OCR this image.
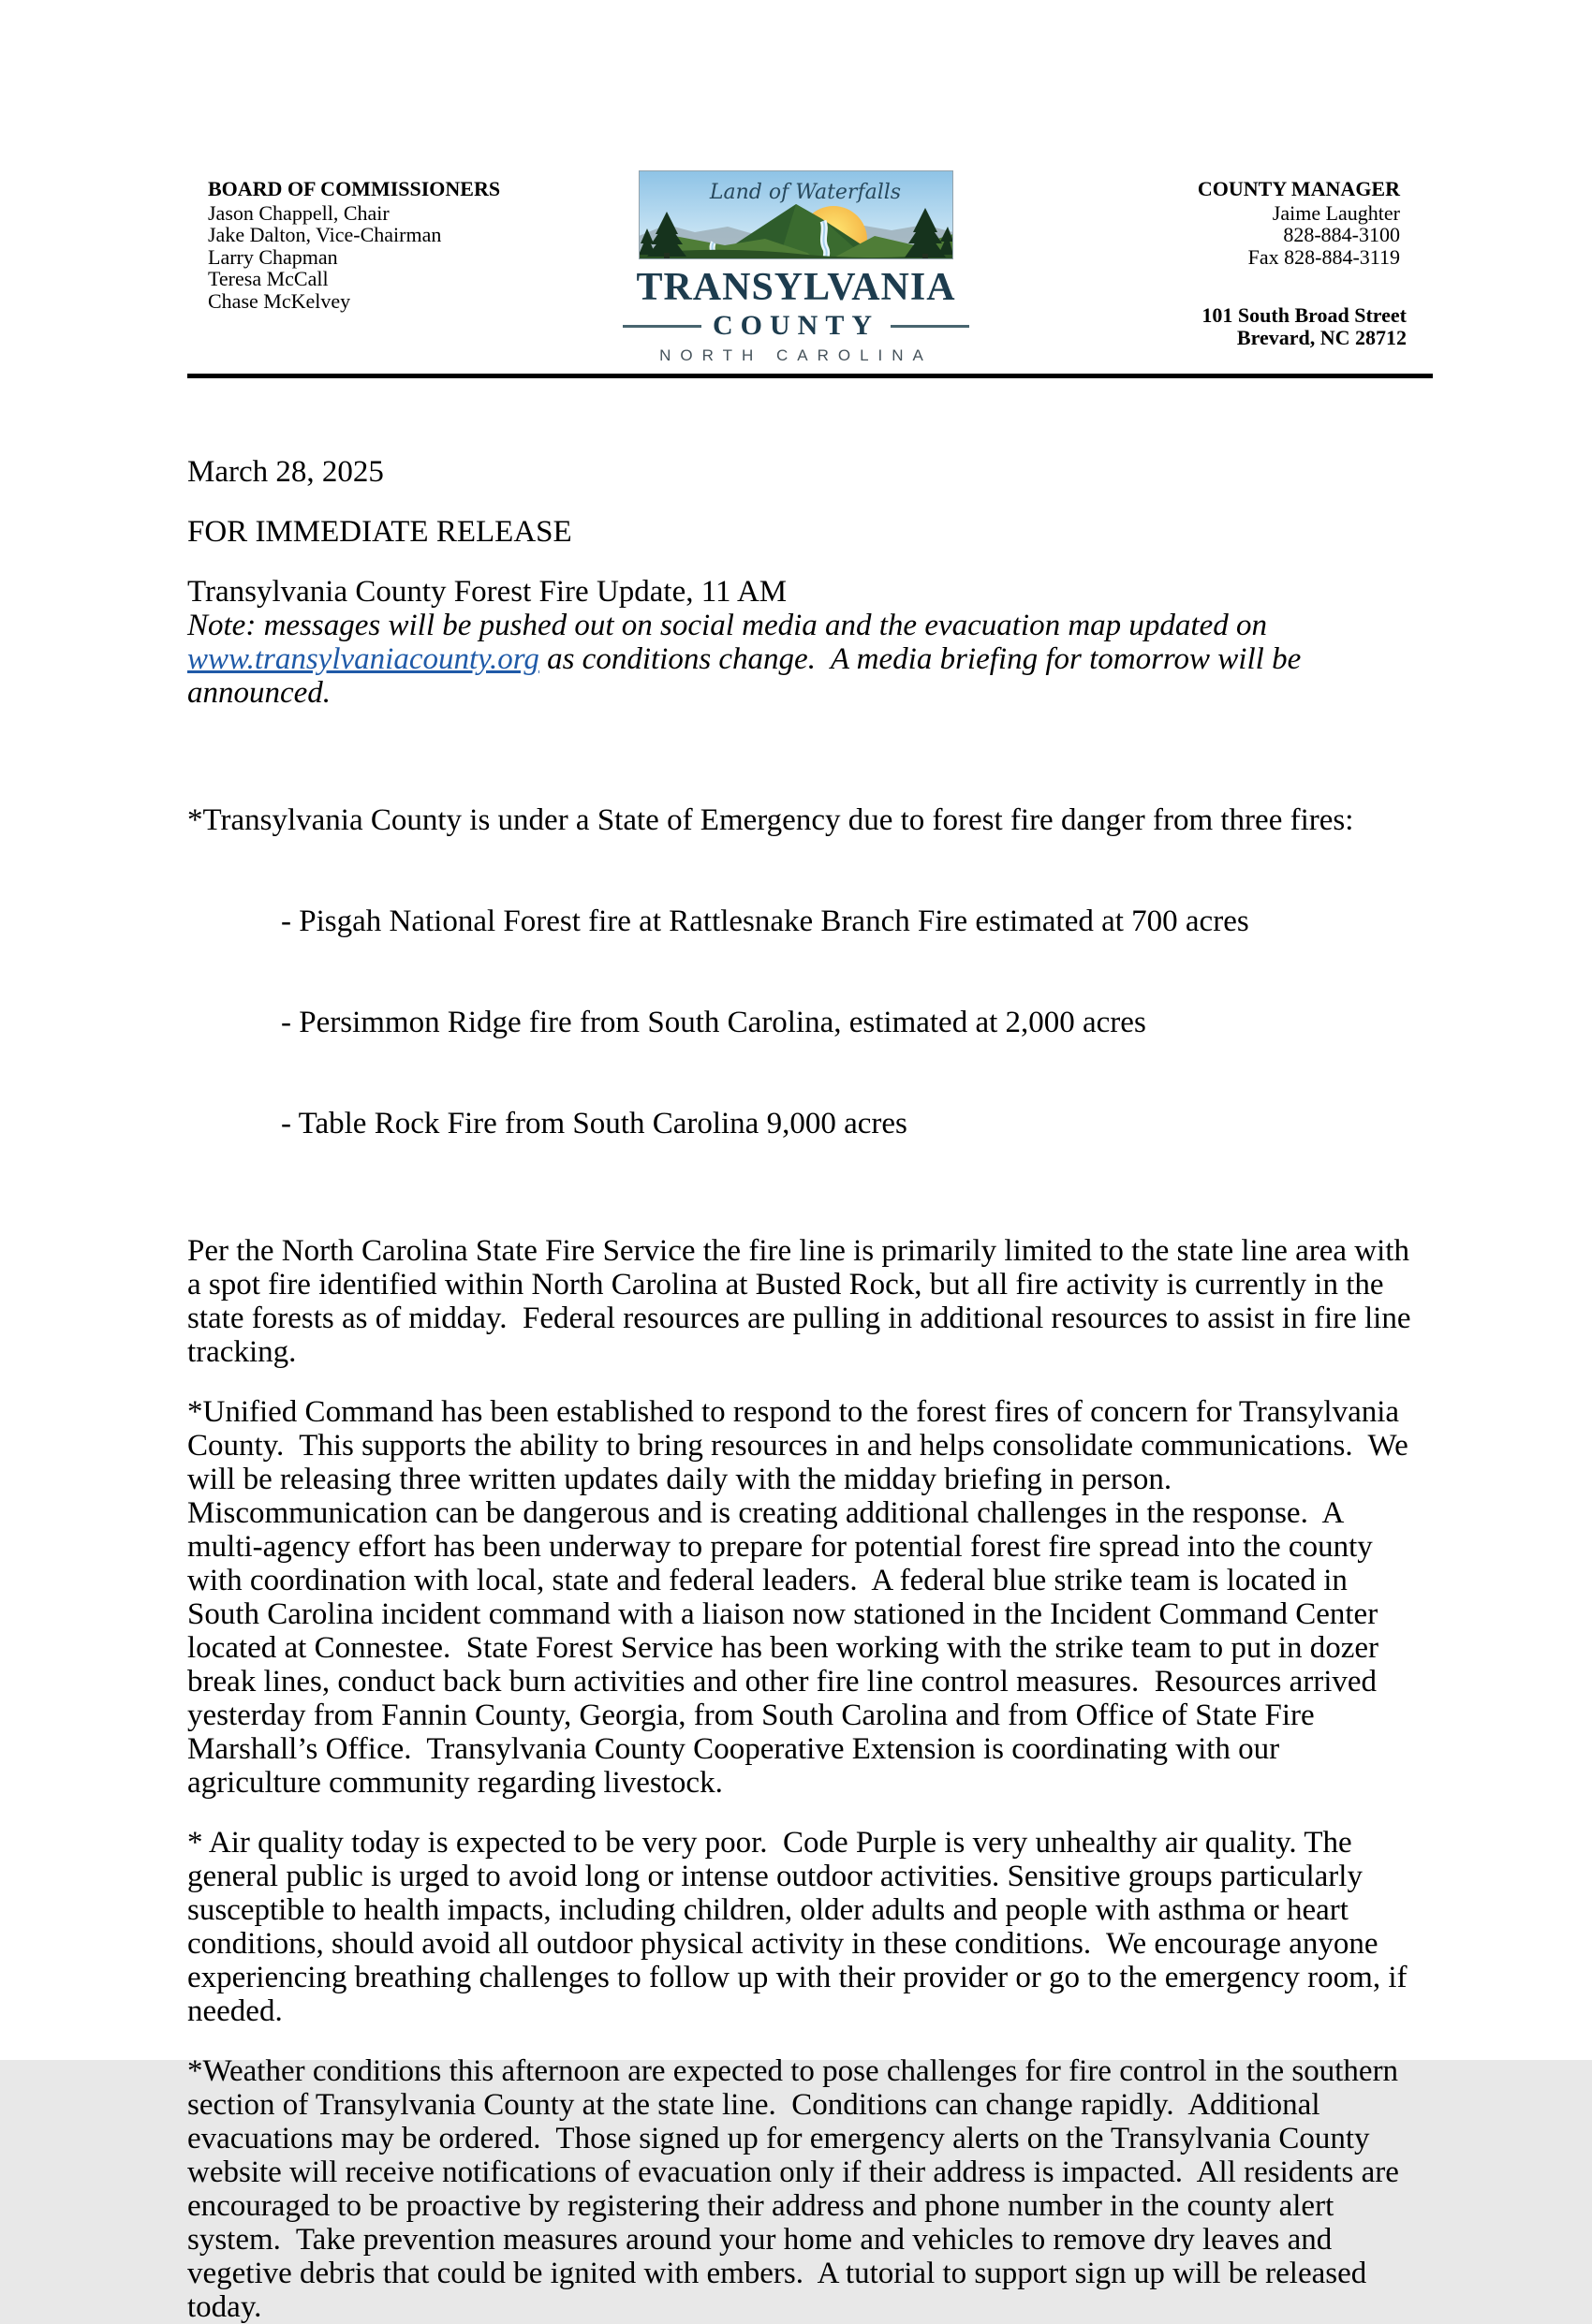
BOARD OF COMMISSIONERS
Jason Chappell, Chair
Jake Dalton, Vice-Chairman
Larry Chapman
Teresa McCall
Chase McKelvey
COUNTY MANAGER
Jaime Laughter
828-884-3100
Fax 828-884-3119
101 South Broad Street
Brevard, NC 28712
Land of Waterfalls
TRANSYLVANIA
COUNTY
NORTH CAROLINA

March 28, 2025

FOR IMMEDIATE RELEASE

Transylvania County Forest Fire Update, 11 AM

Note: messages will be pushed out on social media and the evacuation map updated on www.transylvaniacounty.org as conditions change.  A media briefing for tomorrow will be announced.

*Transylvania County is under a State of Emergency due to forest fire danger from three fires:

- Pisgah National Forest fire at Rattlesnake Branch Fire estimated at 700 acres

- Persimmon Ridge fire from South Carolina, estimated at 2,000 acres

- Table Rock Fire from South Carolina 9,000 acres

Per the North Carolina State Fire Service the fire line is primarily limited to the state line area with a spot fire identified within North Carolina at Busted Rock, but all fire activity is currently in the state forests as of midday.  Federal resources are pulling in additional resources to assist in fire line tracking.

*Unified Command has been established to respond to the forest fires of concern for Transylvania County.  This supports the ability to bring resources in and helps consolidate communications.  We will be releasing three written updates daily with the midday briefing in person.  Miscommunication can be dangerous and is creating additional challenges in the response.  A multi-agency effort has been underway to prepare for potential forest fire spread into the county with coordination with local, state and federal leaders.  A federal blue strike team is located in South Carolina incident command with a liaison now stationed in the Incident Command Center located at Connestee.  State Forest Service has been working with the strike team to put in dozer break lines, conduct back burn activities and other fire line control measures.  Resources arrived yesterday from Fannin County, Georgia, from South Carolina and from Office of State Fire Marshall’s Office.  Transylvania County Cooperative Extension is coordinating with our agriculture community regarding livestock.

* Air quality today is expected to be very poor.  Code Purple is very unhealthy air quality. The general public is urged to avoid long or intense outdoor activities. Sensitive groups particularly susceptible to health impacts, including children, older adults and people with asthma or heart conditions, should avoid all outdoor physical activity in these conditions.  We encourage anyone experiencing breathing challenges to follow up with their provider or go to the emergency room, if needed.

*Weather conditions this afternoon are expected to pose challenges for fire control in the southern section of Transylvania County at the state line.  Conditions can change rapidly.  Additional evacuations may be ordered.  Those signed up for emergency alerts on the Transylvania County website will receive notifications of evacuation only if their address is impacted.  All residents are encouraged to be proactive by registering their address and phone number in the county alert system.  Take prevention measures around your home and vehicles to remove dry leaves and vegetive debris that could be ignited with embers.  A tutorial to support sign up will be released today.
